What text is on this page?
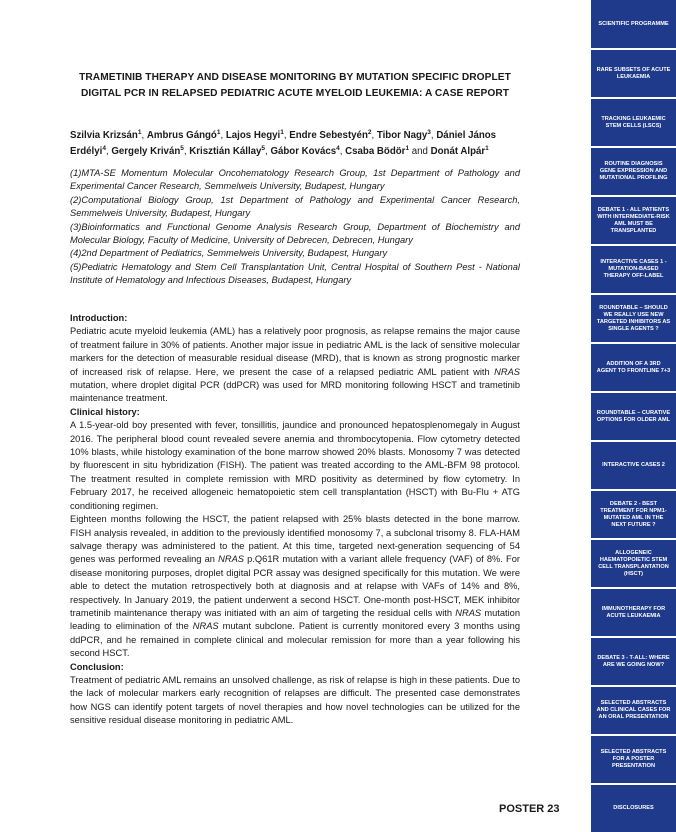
TRAMETINIB THERAPY AND DISEASE MONITORING BY MUTATION SPECIFIC DROPLET DIGITAL PCR IN RELAPSED PEDIATRIC ACUTE MYELOID LEUKEMIA: A CASE REPORT
Szilvia Krizsán$^1$, Ambrus Gángó$^1$, Lajos Hegyi$^1$, Endre Sebestyén$^2$, Tibor Nagy$^3$, Dániel János Erdélyi$^4$, Gergely Kriván$^5$, Krisztián Kállay$^5$, Gábor Kovács$^4$, Csaba Bödör$^1$ and Donát Alpár$^1$
(1)MTA-SE Momentum Molecular Oncohematology Research Group, 1st Department of Pathology and Experimental Cancer Research, Semmelweis University, Budapest, Hungary
(2)Computational Biology Group, 1st Department of Pathology and Experimental Cancer Research, Semmelweis University, Budapest, Hungary
(3)Bioinformatics and Functional Genome Analysis Research Group, Department of Biochemistry and Molecular Biology, Faculty of Medicine, University of Debrecen, Debrecen, Hungary
(4)2nd Department of Pediatrics, Semmelweis University, Budapest, Hungary
(5)Pediatric Hematology and Stem Cell Transplantation Unit, Central Hospital of Southern Pest - National Institute of Hematology and Infectious Diseases, Budapest, Hungary
Introduction:

Pediatric acute myeloid leukemia (AML) has a relatively poor prognosis, as relapse remains the major cause of treatment failure in 30% of patients. Another major issue in pediatric AML is the lack of sensitive molecular markers for the detection of measurable residual disease (MRD), that is known as strong prognostic marker of increased risk of relapse. Here, we present the case of a relapsed pediatric AML patient with NRAS mutation, where droplet digital PCR (ddPCR) was used for MRD monitoring following HSCT and trametinib maintenance treatment.

Clinical history:

A 1.5-year-old boy presented with fever, tonsillitis, jaundice and pronounced hepatosplenomegaly in August 2016. The peripheral blood count revealed severe anemia and thrombocytopenia. Flow cytometry detected 10% blasts, while histology examination of the bone marrow showed 20% blasts. Monosomy 7 was detected by fluorescent in situ hybridization (FISH). The patient was treated according to the AML-BFM 98 protocol. The treatment resulted in complete remission with MRD positivity as determined by flow cytometry. In February 2017, he received allogeneic hematopoietic stem cell transplantation (HSCT) with Bu-Flu + ATG conditioning regimen.

Eighteen months following the HSCT, the patient relapsed with 25% blasts detected in the bone marrow. FISH analysis revealed, in addition to the previously identified monosomy 7, a subclonal trisomy 8. FLA-HAM salvage therapy was administered to the patient. At this time, targeted next-generation sequencing of 54 genes was performed revealing an NRAS p.Q61R mutation with a variant allele frequency (VAF) of 8%. For disease monitoring purposes, droplet digital PCR assay was designed specifically for this mutation. We were able to detect the mutation retrospectively both at diagnosis and at relapse with VAFs of 14% and 8%, respectively. In January 2019, the patient underwent a second HSCT. One-month post-HSCT, MEK inhibitor trametinib maintenance therapy was initiated with an aim of targeting the residual cells with NRAS mutation leading to elimination of the NRAS mutant subclone. Patient is currently monitored every 3 months using ddPCR, and he remained in complete clinical and molecular remission for more than a year following his second HSCT.

Conclusion:

Treatment of pediatric AML remains an unsolved challenge, as risk of relapse is high in these patients. Due to the lack of molecular markers early recognition of relapses are difficult. The presented case demonstrates how NGS can identify potent targets of novel therapies and how novel technologies can be utilized for the sensitive residual disease monitoring in pediatric AML.

POSTER 23
SCIENTIFIC PROGRAMME
RARE SUBSETS OF ACUTE LEUKAEMIA
TRACKING LEUKAEMIC STEM CELLS (LSCS)
ROUTINE DIAGNOSIS GENE EXPRESSION AND MUTATIONAL PROFILING
DEBATE 1 - ALL PATIENTS WITH INTERMEDIATE-RISK AML MUST BE TRANSPLANTED
INTERACTIVE CASES 1 - MUTATION-BASED THERAPY OFF-LABEL
ROUNDTABLE – SHOULD WE REALLY USE NEW TARGETED INHIBITORS AS SINGLE AGENTS ?
ADDITION OF A 3RD AGENT TO FRONTLINE 7+3
ROUNDTABLE – CURATIVE OPTIONS FOR OLDER AML
INTERACTIVE CASES 2
DEBATE 2 - BEST TREATMENT FOR NPM1-MUTATED AML IN THE NEXT FUTURE ?
ALLOGENEIC HAEMATOPOIETIC STEM CELL TRANSPLANTATION (HSCT)
IMMUNOTHERAPY FOR ACUTE LEUKAEMIA
DEBATE 3 - T-ALL: WHERE ARE WE GOING NOW?
SELECTED ABSTRACTS AND CLINICAL CASES FOR AN ORAL PRESENTATION
SELECTED ABSTRACTS FOR A POSTER PRESENTATION
DISCLOSURES
